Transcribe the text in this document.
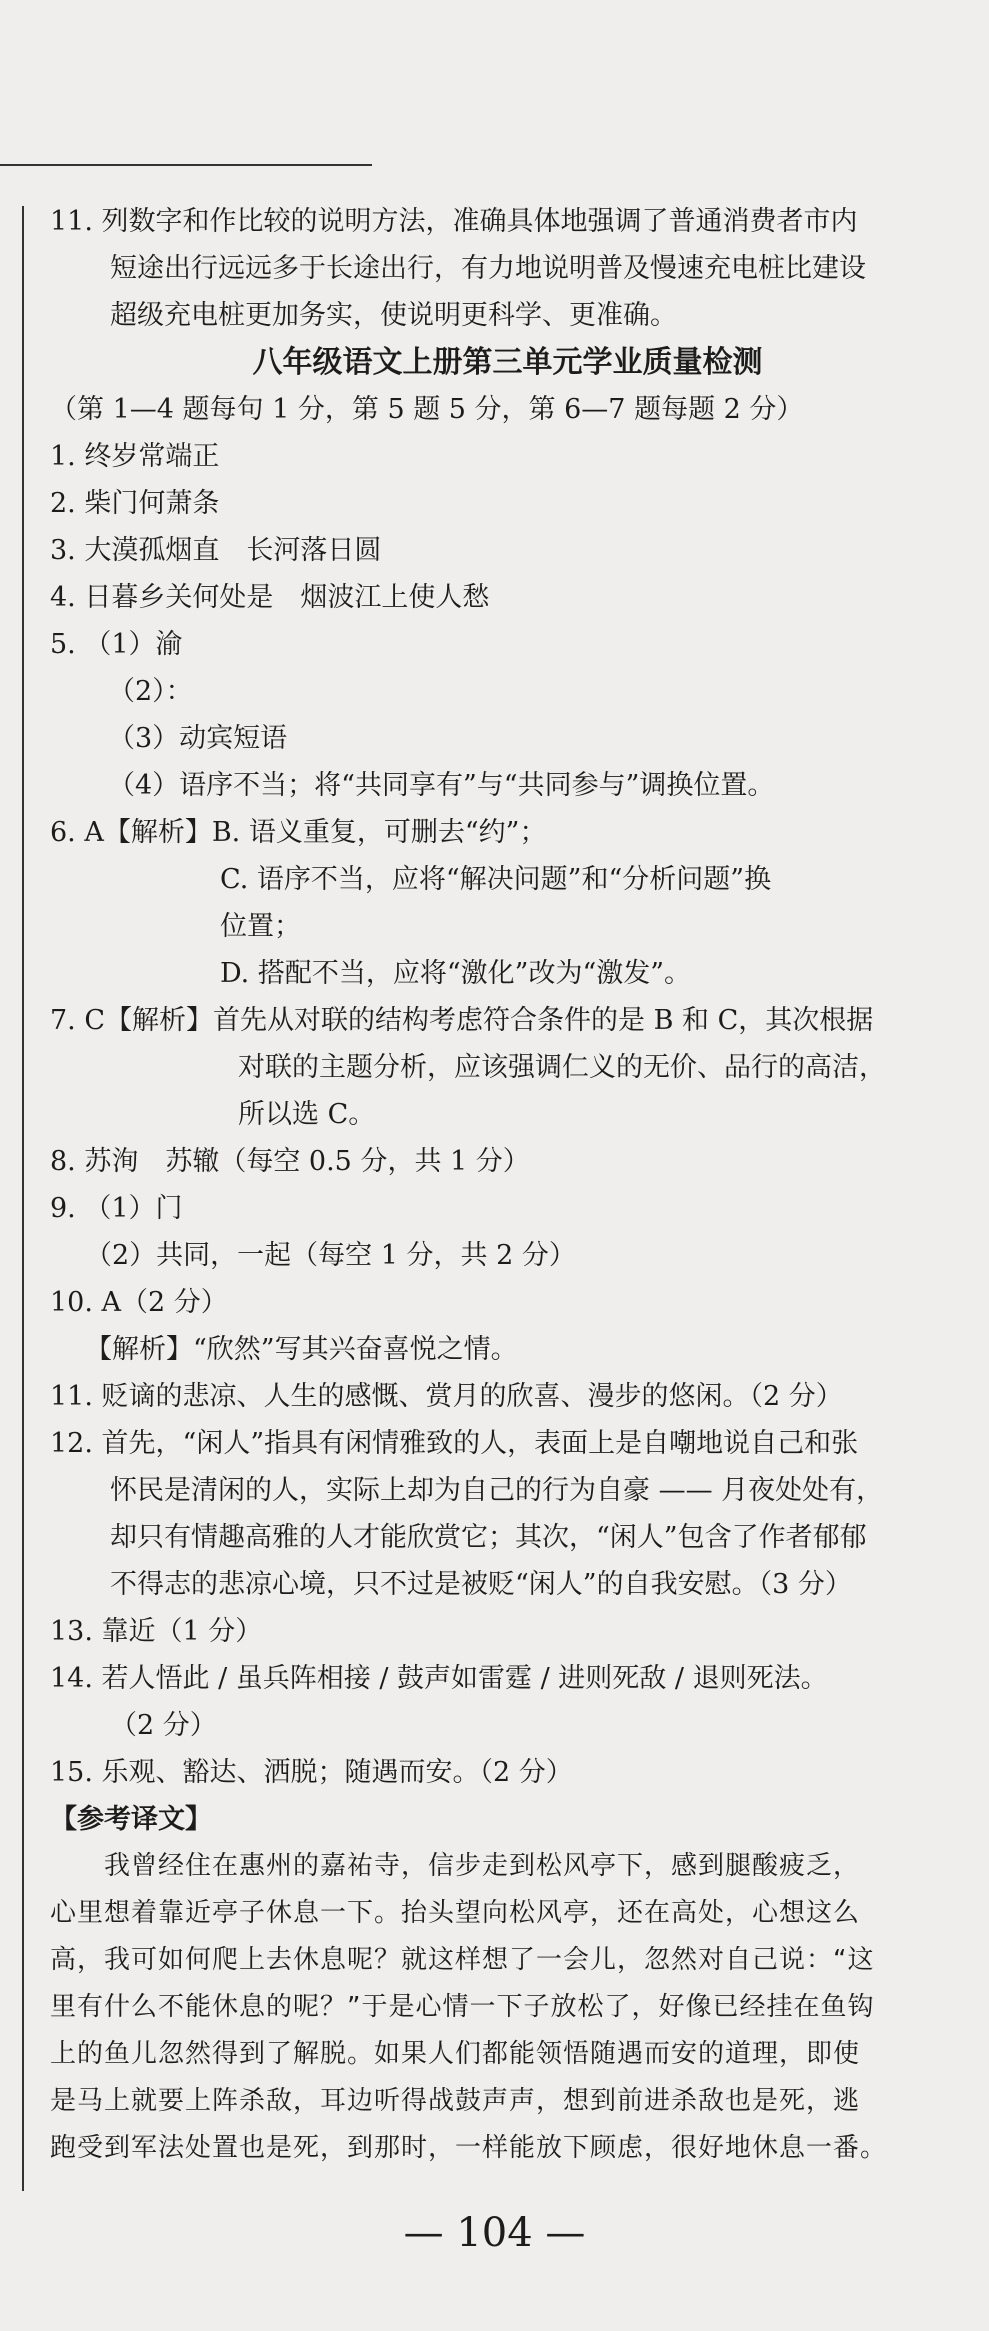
11. 列数字和作比较的说明方法，准确具体地强调了普通消费者市内
短途出行远远多于长途出行，有力地说明普及慢速充电桩比建设
超级充电桩更加务实，使说明更科学、更准确。
八年级语文上册第三单元学业质量检测
（第 1—4 题每句 1 分，第 5 题 5 分，第 6—7 题每题 2 分）
1. 终岁常端正
2. 柴门何萧条
3. 大漠孤烟直　长河落日圆
4. 日暮乡关何处是　烟波江上使人愁
5. （1）渝
（2）：
（3）动宾短语
（4）语序不当；将“共同享有”与“共同参与”调换位置。
6. A【解析】B. 语义重复，可删去“约”；
C. 语序不当，应将“解决问题”和“分析问题”换
位置；
D. 搭配不当，应将“激化”改为“激发”。
7. C【解析】首先从对联的结构考虑符合条件的是 B 和 C，其次根据
对联的主题分析，应该强调仁义的无价、品行的高洁，
所以选 C。
8. 苏洵　苏辙（每空 0.5 分，共 1 分）
9. （1）门
（2）共同，一起（每空 1 分，共 2 分）
10. A（2 分）
【解析】“欣然”写其兴奋喜悦之情。
11. 贬谪的悲凉、人生的感慨、赏月的欣喜、漫步的悠闲。（2 分）
12. 首先，“闲人”指具有闲情雅致的人，表面上是自嘲地说自己和张
怀民是清闲的人，实际上却为自己的行为自豪 —— 月夜处处有，
却只有情趣高雅的人才能欣赏它；其次，“闲人”包含了作者郁郁
不得志的悲凉心境，只不过是被贬“闲人”的自我安慰。（3 分）
13. 靠近（1 分）
14. 若人悟此 / 虽兵阵相接 / 鼓声如雷霆 / 进则死敌 / 退则死法。
（2 分）
15. 乐观、豁达、洒脱；随遇而安。（2 分）
【参考译文】
我曾经住在惠州的嘉祐寺，信步走到松风亭下，感到腿酸疲乏，
心里想着靠近亭子休息一下。抬头望向松风亭，还在高处，心想这么
高，我可如何爬上去休息呢？就这样想了一会儿，忽然对自己说：“这
里有什么不能休息的呢？”于是心情一下子放松了，好像已经挂在鱼钩
上的鱼儿忽然得到了解脱。如果人们都能领悟随遇而安的道理，即使
是马上就要上阵杀敌，耳边听得战鼓声声，想到前进杀敌也是死，逃
跑受到军法处置也是死，到那时，一样能放下顾虑，很好地休息一番。
— 104 —
